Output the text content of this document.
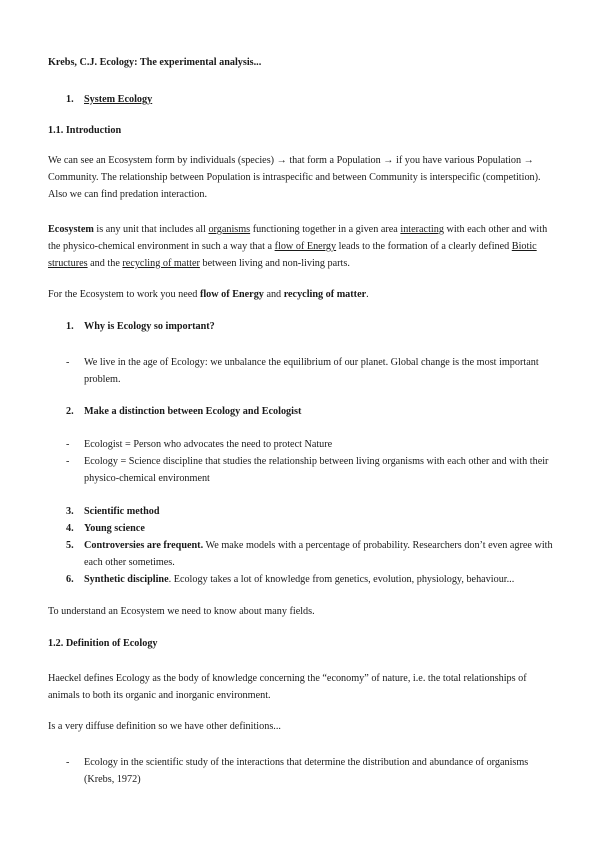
Krebs, C.J. Ecology: The experimental analysis...
1. System Ecology
1.1. Introduction
We can see an Ecosystem form by individuals (species) → that form a Population → if you have various Population → Community. The relationship between Population is intraspecific and between Community is interspecific (competition). Also we can find predation interaction.
Ecosystem is any unit that includes all organisms functioning together in a given area interacting with each other and with the physico-chemical environment in such a way that a flow of Energy leads to the formation of a clearly defined Biotic structures and the recycling of matter between living and non-living parts.
For the Ecosystem to work you need flow of Energy and recycling of matter.
1.	Why is Ecology so important?
- We live in the age of Ecology: we unbalance the equilibrium of our planet. Global change is the most important problem.
2.	Make a distinction between Ecology and Ecologist
- Ecologist = Person who advocates the need to protect Nature
- Ecology = Science discipline that studies the relationship between living organisms with each other and with their physico-chemical environment
3.	Scientific method
4.	Young science
5.	Controversies are frequent. We make models with a percentage of probability. Researchers don’t even agree with each other sometimes.
6.	Synthetic discipline. Ecology takes a lot of knowledge from genetics, evolution, physiology, behaviour...
To understand an Ecosystem we need to know about many fields.
1.2. Definition of Ecology
Haeckel defines Ecology as the body of knowledge concerning the “economy” of nature, i.e. the total relationships of animals to both its organic and inorganic environment.
Is a very diffuse definition so we have other definitions...
- Ecology in the scientific study of the interactions that determine the distribution and abundance of organisms (Krebs, 1972)
